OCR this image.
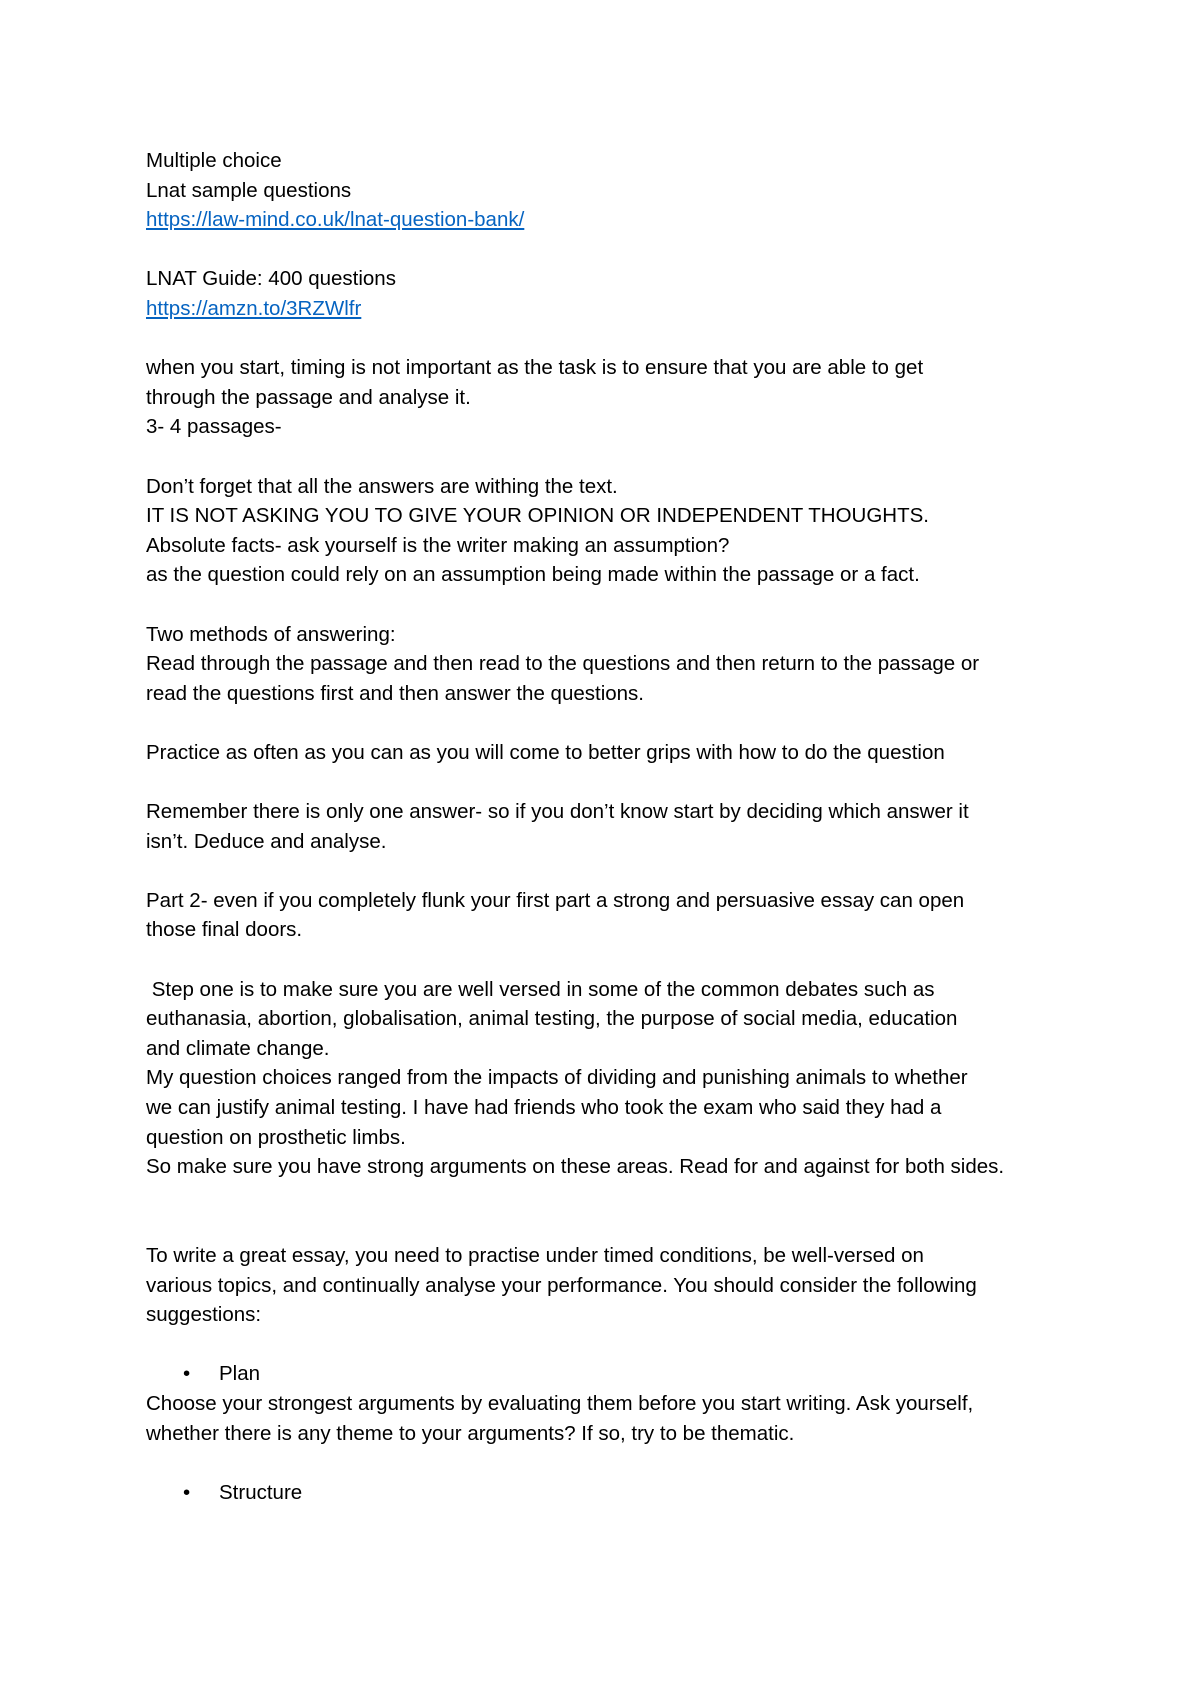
Multiple choice
Lnat sample questions
https://law-mind.co.uk/lnat-question-bank/
LNAT Guide: 400 questions
https://amzn.to/3RZWlfr
when you start, timing is not important as the task is to ensure that you are able to get
through the passage and analyse it.
3- 4 passages-
Don’t forget that all the answers are withing the text.
IT IS NOT ASKING YOU TO GIVE YOUR OPINION OR INDEPENDENT THOUGHTS.
Absolute facts- ask yourself is the writer making an assumption?
as the question could rely on an assumption being made within the passage or a fact.
Two methods of answering:
Read through the passage and then read to the questions and then return to the passage or
read the questions first and then answer the questions.
Practice as often as you can as you will come to better grips with how to do the question
Remember there is only one answer- so if you don’t know start by deciding which answer it
isn’t. Deduce and analyse.
Part 2- even if you completely flunk your first part a strong and persuasive essay can open
those final doors.
Step one is to make sure you are well versed in some of the common debates such as
euthanasia, abortion, globalisation, animal testing, the purpose of social media, education
and climate change.
My question choices ranged from the impacts of dividing and punishing animals to whether
we can justify animal testing. I have had friends who took the exam who said they had a
question on prosthetic limbs.
So make sure you have strong arguments on these areas. Read for and against for both sides.
To write a great essay, you need to practise under timed conditions, be well-versed on
various topics, and continually analyse your performance. You should consider the following
suggestions:
• Plan
Choose your strongest arguments by evaluating them before you start writing. Ask yourself,
whether there is any theme to your arguments? If so, try to be thematic.
• Structure
